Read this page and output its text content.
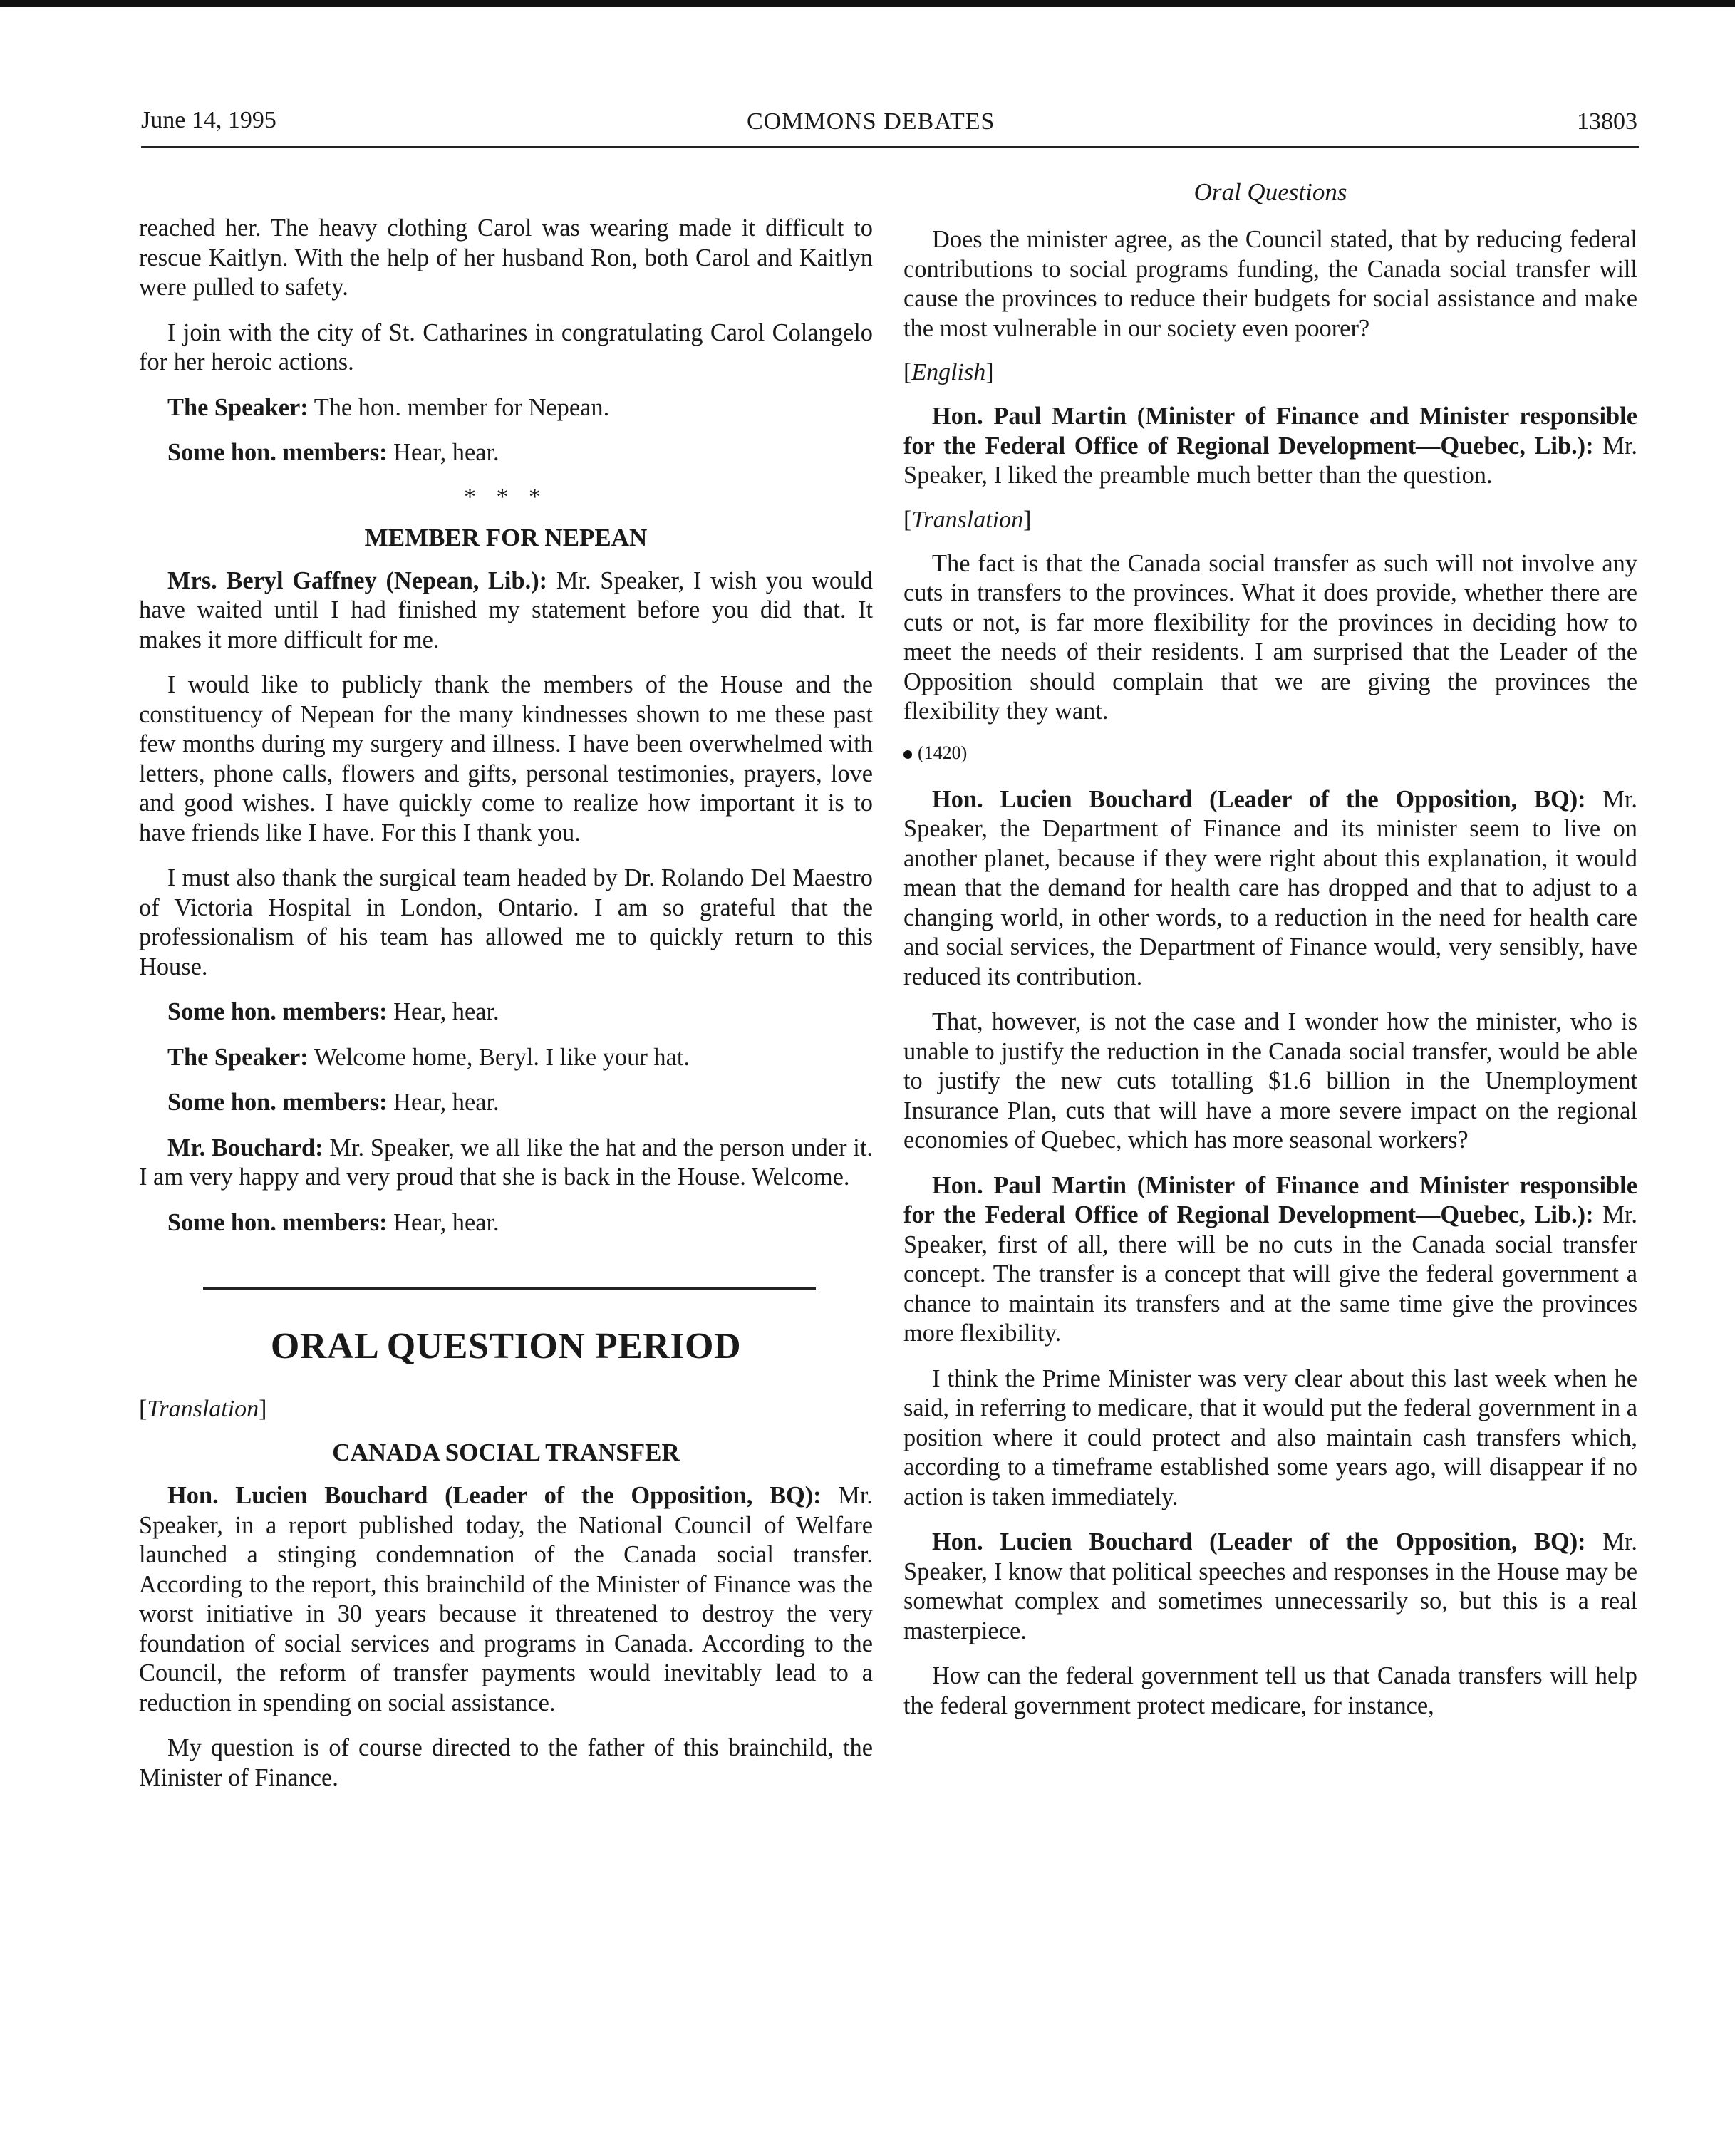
June 14, 1995	COMMONS DEBATES	13803

reached her. The heavy clothing Carol was wearing made it difficult to rescue Kaitlyn. With the help of her husband Ron, both Carol and Kaitlyn were pulled to safety.

I join with the city of St. Catharines in congratulating Carol Colangelo for her heroic actions.

The Speaker: The hon. member for Nepean.

Some hon. members: Hear, hear.

* * *
MEMBER FOR NEPEAN

Mrs. Beryl Gaffney (Nepean, Lib.): Mr. Speaker, I wish you would have waited until I had finished my statement before you did that. It makes it more difficult for me.

I would like to publicly thank the members of the House and the constituency of Nepean for the many kindnesses shown to me these past few months during my surgery and illness. I have been overwhelmed with letters, phone calls, flowers and gifts, personal testimonies, prayers, love and good wishes. I have quickly come to realize how important it is to have friends like I have. For this I thank you.

I must also thank the surgical team headed by Dr. Rolando Del Maestro of Victoria Hospital in London, Ontario. I am so grateful that the professionalism of his team has allowed me to quickly return to this House.

Some hon. members: Hear, hear.

The Speaker: Welcome home, Beryl. I like your hat.

Some hon. members: Hear, hear.

Mr. Bouchard: Mr. Speaker, we all like the hat and the person under it. I am very happy and very proud that she is back in the House. Welcome.

Some hon. members: Hear, hear.

ORAL QUESTION PERIOD
[Translation]
CANADA SOCIAL TRANSFER

Hon. Lucien Bouchard (Leader of the Opposition, BQ): Mr. Speaker, in a report published today, the National Council of Welfare launched a stinging condemnation of the Canada social transfer. According to the report, this brainchild of the Minister of Finance was the worst initiative in 30 years because it threatened to destroy the very foundation of social services and programs in Canada. According to the Council, the reform of transfer payments would inevitably lead to a reduction in spending on social assistance.

My question is of course directed to the father of this brainchild, the Minister of Finance.

Oral Questions

Does the minister agree, as the Council stated, that by reducing federal contributions to social programs funding, the Canada social transfer will cause the provinces to reduce their budgets for social assistance and make the most vulnerable in our society even poorer?

[English]

Hon. Paul Martin (Minister of Finance and Minister responsible for the Federal Office of Regional Development—Quebec, Lib.): Mr. Speaker, I liked the preamble much better than the question.

[Translation]

The fact is that the Canada social transfer as such will not involve any cuts in transfers to the provinces. What it does provide, whether there are cuts or not, is far more flexibility for the provinces in deciding how to meet the needs of their residents. I am surprised that the Leader of the Opposition should complain that we are giving the provinces the flexibility they want.

(1420)

Hon. Lucien Bouchard (Leader of the Opposition, BQ): Mr. Speaker, the Department of Finance and its minister seem to live on another planet, because if they were right about this explanation, it would mean that the demand for health care has dropped and that to adjust to a changing world, in other words, to a reduction in the need for health care and social services, the Department of Finance would, very sensibly, have reduced its contribution.

That, however, is not the case and I wonder how the minister, who is unable to justify the reduction in the Canada social transfer, would be able to justify the new cuts totalling $1.6 billion in the Unemployment Insurance Plan, cuts that will have a more severe impact on the regional economies of Quebec, which has more seasonal workers?

Hon. Paul Martin (Minister of Finance and Minister responsible for the Federal Office of Regional Development—Quebec, Lib.): Mr. Speaker, first of all, there will be no cuts in the Canada social transfer concept. The transfer is a concept that will give the federal government a chance to maintain its transfers and at the same time give the provinces more flexibility.

I think the Prime Minister was very clear about this last week when he said, in referring to medicare, that it would put the federal government in a position where it could protect and also maintain cash transfers which, according to a timeframe established some years ago, will disappear if no action is taken immediately.

Hon. Lucien Bouchard (Leader of the Opposition, BQ): Mr. Speaker, I know that political speeches and responses in the House may be somewhat complex and sometimes unnecessarily so, but this is a real masterpiece.

How can the federal government tell us that Canada transfers will help the federal government protect medicare, for instance,
